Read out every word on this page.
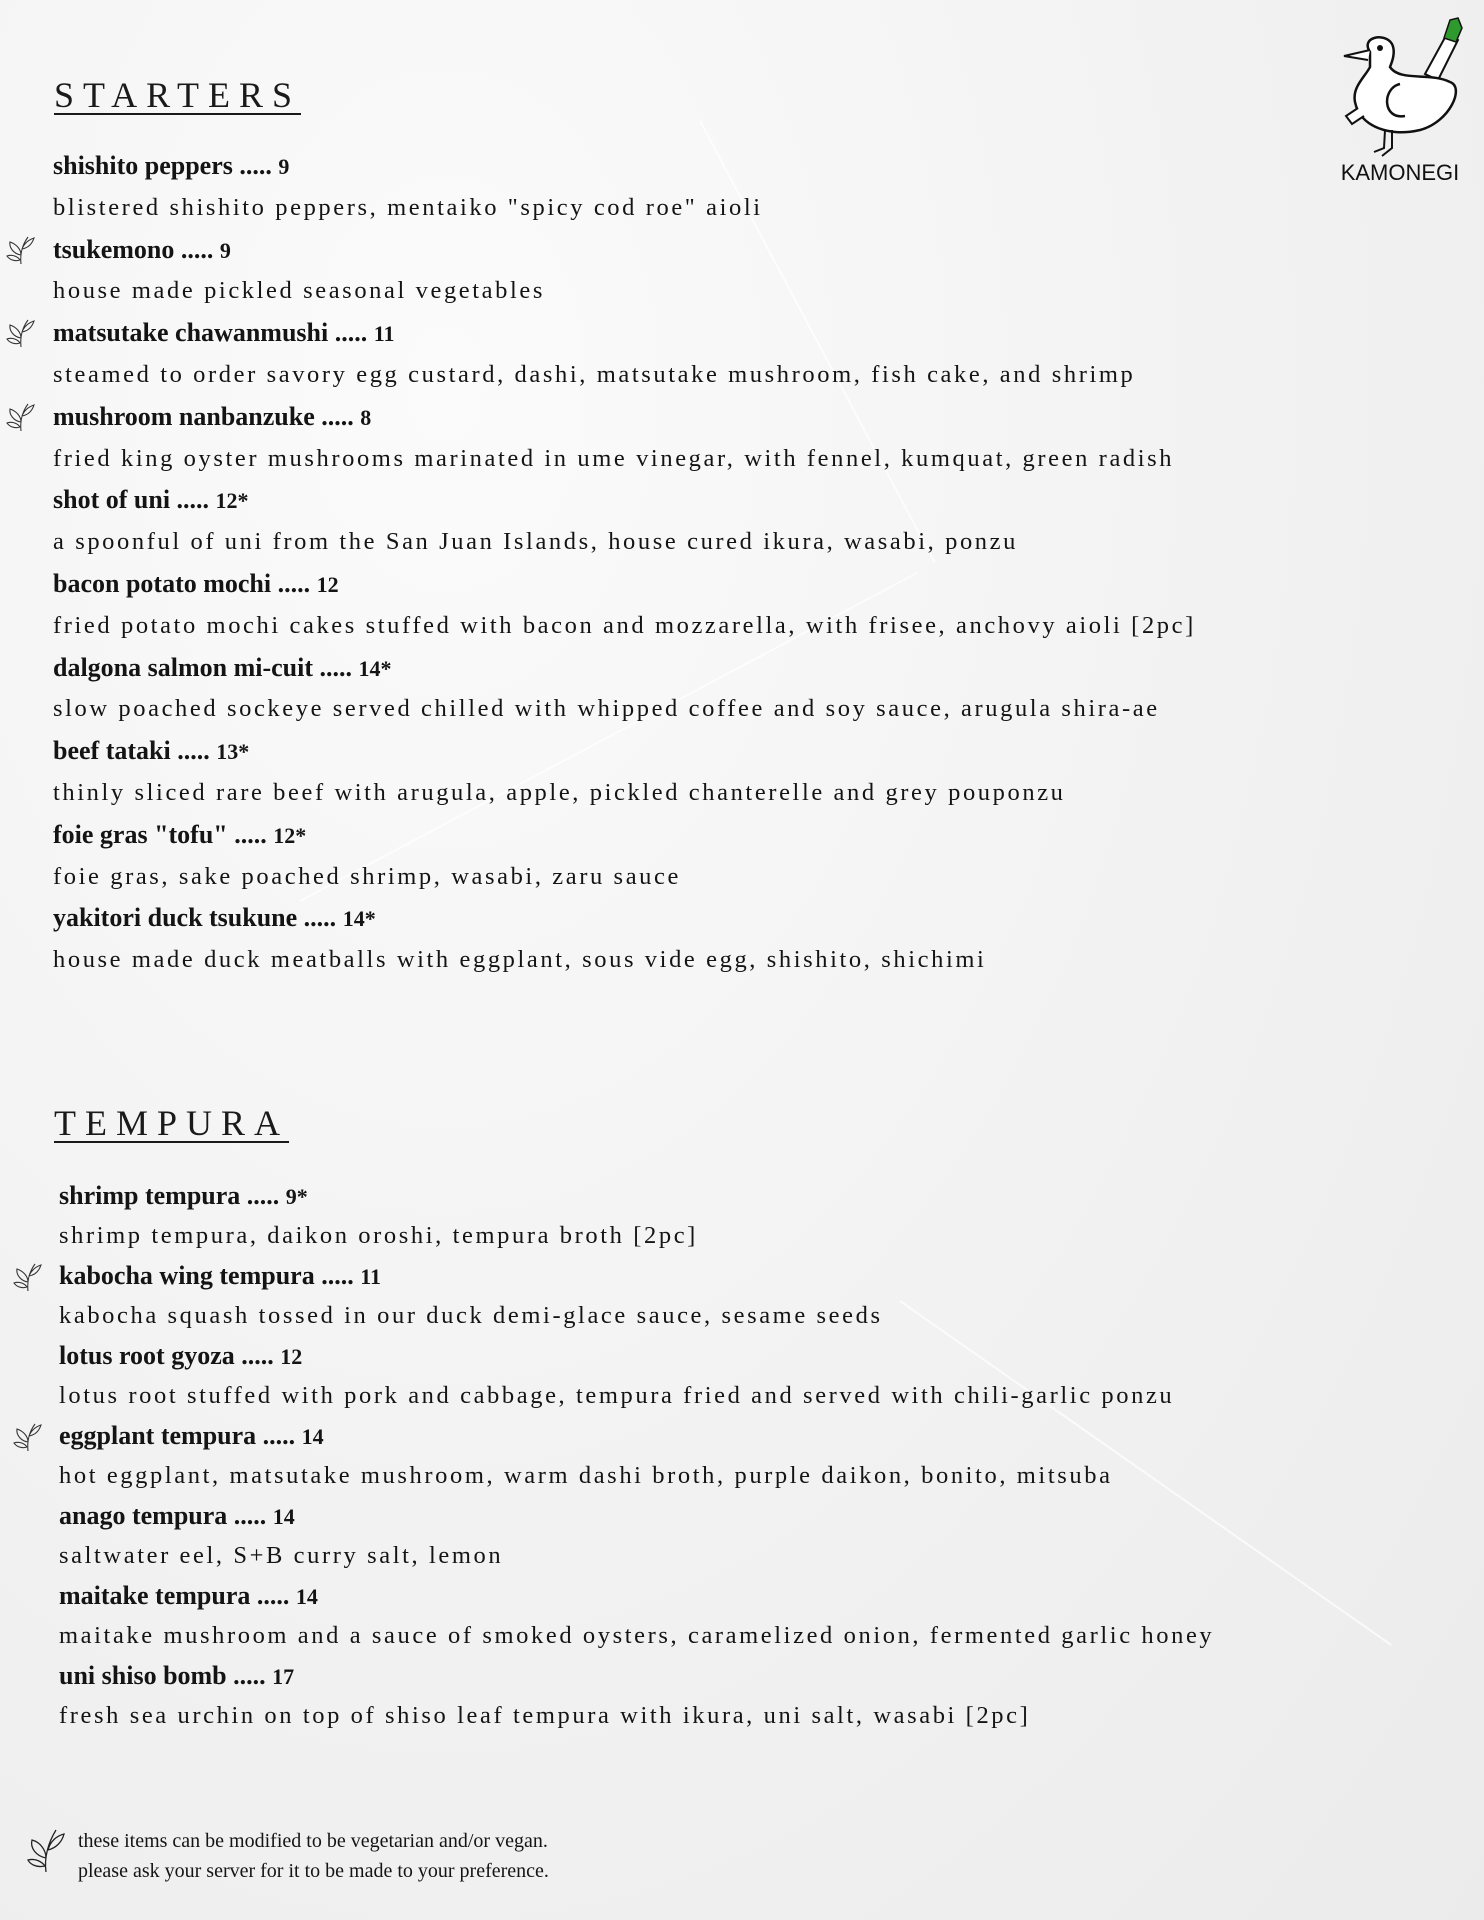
KAMONEGI
STARTERS
shishito peppers ..... 9
blistered shishito peppers, mentaiko "spicy cod roe" aioli
tsukemono ..... 9
house made pickled seasonal vegetables
matsutake chawanmushi ..... 11
steamed to order savory egg custard, dashi, matsutake mushroom, fish cake, and shrimp
mushroom nanbanzuke ..... 8
fried king oyster mushrooms marinated in ume vinegar, with fennel, kumquat, green radish
shot of uni ..... 12*
a spoonful of uni from the San Juan Islands, house cured ikura, wasabi, ponzu
bacon potato mochi ..... 12
fried potato mochi cakes stuffed with bacon and mozzarella, with frisee, anchovy aioli [2pc]
dalgona salmon mi-cuit ..... 14*
slow poached sockeye served chilled with whipped coffee and soy sauce, arugula shira-ae
beef tataki ..... 13*
thinly sliced rare beef with arugula, apple, pickled chanterelle and grey pouponzu
foie gras "tofu" ..... 12*
foie gras, sake poached shrimp, wasabi, zaru sauce
yakitori duck tsukune ..... 14*
house made duck meatballs with eggplant, sous vide egg, shishito, shichimi
TEMPURA
shrimp tempura ..... 9*
shrimp tempura, daikon oroshi, tempura broth [2pc]
kabocha wing tempura ..... 11
kabocha squash tossed in our duck demi-glace sauce, sesame seeds
lotus root gyoza ..... 12
lotus root stuffed with pork and cabbage, tempura fried and served with chili-garlic ponzu
eggplant tempura ..... 14
hot eggplant, matsutake mushroom, warm dashi broth, purple daikon, bonito, mitsuba
anago tempura ..... 14
saltwater eel, S+B curry salt, lemon
maitake tempura ..... 14
maitake mushroom and a sauce of smoked oysters, caramelized onion, fermented garlic honey
uni shiso bomb ..... 17
fresh sea urchin on top of shiso leaf tempura with ikura, uni salt, wasabi [2pc]

these items can be modified to be vegetarian and/or vegan.

please ask your server for it to be made to your preference.
